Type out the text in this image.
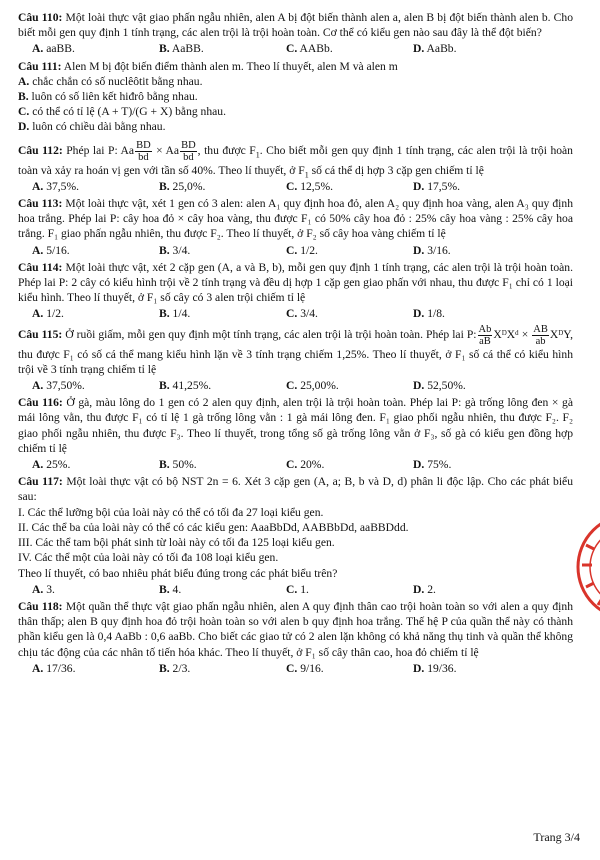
Câu 110: Một loài thực vật giao phấn ngẫu nhiên, alen A bị đột biến thành alen a, alen B bị đột biến thành alen b. Cho biết mỗi gen quy định 1 tính trạng, các alen trội là trội hoàn toàn. Cơ thể có kiểu gen nào sau đây là thể đột biến?

A. aaBB.	B. AaBB.	C. AABb.	D. AaBb.

Câu 111: Alen M bị đột biến điểm thành alen m. Theo lí thuyết, alen M và alen m

A. chắc chắn có số nuclêôtit bằng nhau.

B. luôn có số liên kết hiđrô bằng nhau.

C. có thể có tỉ lệ (A + T)/(G + X) bằng nhau.

D. luôn có chiều dài bằng nhau.

Câu 112: Phép lai P: Aa $\frac{BD}{bd} \times Aa \frac{BD}{bd}$ , thu được $F_1$. Cho biết mỗi gen quy định 1 tính trạng, các alen trội là trội hoàn toàn và xảy ra hoán vị gen với tần số 40%. Theo lí thuyết, ở $F_1$ số cá thể dị hợp 3 cặp gen chiếm tỉ lệ

A. 37,5%.	B. 25,0%.	C. 12,5%.	D. 17,5%.

Câu 113: Một loài thực vật, xét 1 gen có 3 alen: alen A₁ quy định hoa đỏ, alen A₂ quy định hoa vàng, alen A₃ quy định hoa trắng. Phép lai P: cây hoa đỏ × cây hoa vàng, thu được F₁ có 50% cây hoa đỏ : 25% cây hoa vàng : 25% cây hoa trắng. F₁ giao phấn ngẫu nhiên, thu được F₂. Theo lí thuyết, ở F₂ số cây hoa vàng chiếm tỉ lệ

A. 5/16.	B. 3/4.	C. 1/2.	D. 3/16.

Câu 114: Một loài thực vật, xét 2 cặp gen (A, a và B, b), mỗi gen quy định 1 tính trạng, các alen trội là trội hoàn toàn. Phép lai P: 2 cây có kiểu hình trội về 2 tính trạng và đều dị hợp 1 cặp gen giao phấn với nhau, thu được F₁ chỉ có 1 loại kiểu hình. Theo lí thuyết, ở F₁ số cây có 3 alen trội chiếm tỉ lệ

A. 1/2.	B. 1/4.	C. 3/4.	D. 1/8.

Câu 115: Ở ruồi giấm, mỗi gen quy định một tính trạng, các alen trội là trội hoàn toàn. Phép lai P: $\frac{Ab}{aB}$ XᴰXᵈ × $\frac{AB}{ab}$ XᴰY, thu được F₁ có số cá thể mang kiểu hình lặn về 3 tính trạng chiếm 1,25%. Theo lí thuyết, ở F₁ số cá thể có kiểu hình trội về 3 tính trạng chiếm tỉ lệ

A. 37,50%.	B. 41,25%.	C. 25,00%.	D. 52,50%.

Câu 116: Ở gà, màu lông do 1 gen có 2 alen quy định, alen trội là trội hoàn toàn. Phép lai P: gà trống lông đen × gà mái lông vằn, thu được F₁ có tỉ lệ 1 gà trống lông vằn : 1 gà mái lông đen. F₁ giao phối ngẫu nhiên, thu được F₂. F₂ giao phối ngẫu nhiên, thu được F₃. Theo lí thuyết, trong tổng số gà trống lông vằn ở F₃, số gà có kiểu gen đồng hợp chiếm tỉ lệ

A. 25%.	B. 50%.	C. 20%.	D. 75%.

Câu 117: Một loài thực vật có bộ NST 2n = 6. Xét 3 cặp gen (A, a; B, b và D, d) phân li độc lập. Cho các phát biểu sau:

I. Các thể lưỡng bội của loài này có thể có tối đa 27 loại kiểu gen.

II. Các thể ba của loài này có thể có các kiểu gen: AaaBbDd, AABBbDd, aaBBDdd.

III. Các thể tam bội phát sinh từ loài này có tối đa 125 loại kiểu gen.

IV. Các thể một của loài này có tối đa 108 loại kiểu gen.

Theo lí thuyết, có bao nhiêu phát biểu đúng trong các phát biểu trên?

A. 3.	B. 4.	C. 1.	D. 2.

Câu 118: Một quần thể thực vật giao phấn ngẫu nhiên, alen A quy định thân cao trội hoàn toàn so với alen a quy định thân thấp; alen B quy định hoa đỏ trội hoàn toàn so với alen b quy định hoa trắng. Thế hệ P của quần thể này có thành phần kiểu gen là 0,4 AaBb : 0,6 aaBb. Cho biết các giao tử có 2 alen lặn không có khả năng thụ tinh và quần thể không chịu tác động của các nhân tố tiến hóa khác. Theo lí thuyết, ở F₁ số cây thân cao, hoa đỏ chiếm tỉ lệ

A. 17/36.	B. 2/3.	C. 9/16.	D. 19/36.
Trang 3/4
